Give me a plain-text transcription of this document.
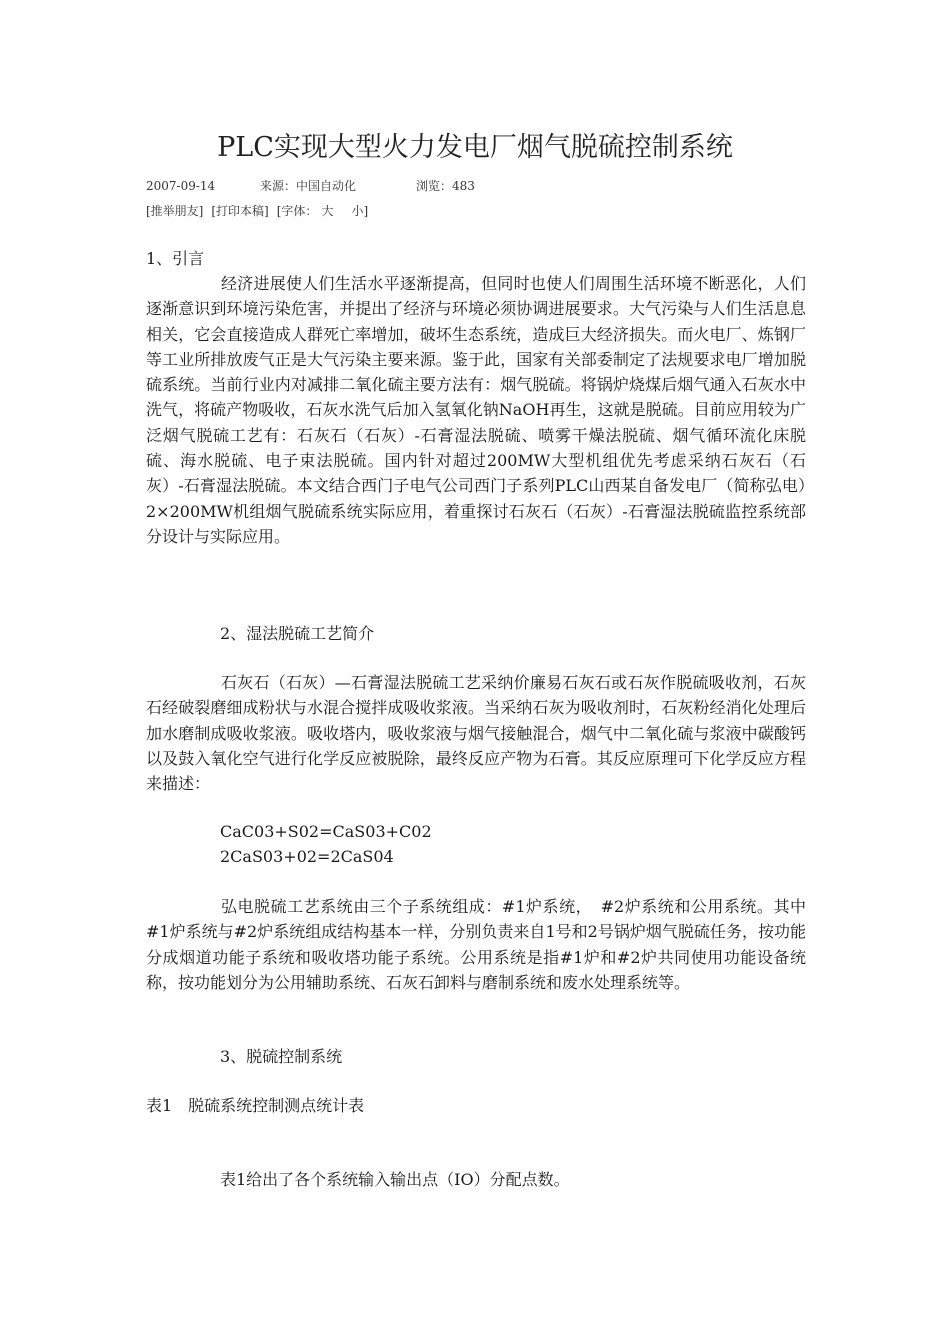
PLC实现大型火力发电厂烟气脱硫控制系统
2007-09-14	来源：中国自动化	浏览：483
[推举朋友] [打印本稿] [字体： 大 小]

1、引言

经济进展使人们生活水平逐渐提高，但同时也使人们周围生活环境不断恶化，人们逐渐意识到环境污染危害，并提出了经济与环境必须协调进展要求。大气污染与人们生活息息相关，它会直接造成人群死亡率增加，破坏生态系统，造成巨大经济损失。而火电厂、炼钢厂等工业所排放废气正是大气污染主要来源。鉴于此，国家有关部委制定了法规要求电厂增加脱硫系统。当前行业内对减排二氧化硫主要方法有：烟气脱硫。将锅炉烧煤后烟气通入石灰水中洗气，将硫产物吸收，石灰水洗气后加入氢氧化钠NaOH再生，这就是脱硫。目前应用较为广泛烟气脱硫工艺有：石灰石（石灰）-石膏湿法脱硫、喷雾干燥法脱硫、烟气循环流化床脱硫、海水脱硫、电子束法脱硫。国内针对超过200MW大型机组优先考虑采纳石灰石（石灰）-石膏湿法脱硫。本文结合西门子电气公司西门子系列PLC山西某自备发电厂（简称弘电）2×200MW机组烟气脱硫系统实际应用，着重探讨石灰石（石灰）-石膏湿法脱硫监控系统部分设计与实际应用。

2、湿法脱硫工艺简介

石灰石（石灰）—石膏湿法脱硫工艺采纳价廉易石灰石或石灰作脱硫吸收剂，石灰石经破裂磨细成粉状与水混合搅拌成吸收浆液。当采纳石灰为吸收剂时，石灰粉经消化处理后加水磨制成吸收浆液。吸收塔内，吸收浆液与烟气接触混合，烟气中二氧化硫与浆液中碳酸钙以及鼓入氧化空气进行化学反应被脱除，最终反应产物为石膏。其反应原理可下化学反应方程来描述：

CaC03+S02=CaS03+C02

2CaS03+02=2CaS04

弘电脱硫工艺系统由三个子系统组成：#1炉系统，　#2炉系统和公用系统。其中#1炉系统与#2炉系统组成结构基本一样，分别负责来自1号和2号锅炉烟气脱硫任务，按功能分成烟道功能子系统和吸收塔功能子系统。公用系统是指#1炉和#2炉共同使用功能设备统称，按功能划分为公用辅助系统、石灰石卸料与磨制系统和废水处理系统等。

3、脱硫控制系统

表1　脱硫系统控制测点统计表

表1给出了各个系统输入输出点（IO）分配点数。
